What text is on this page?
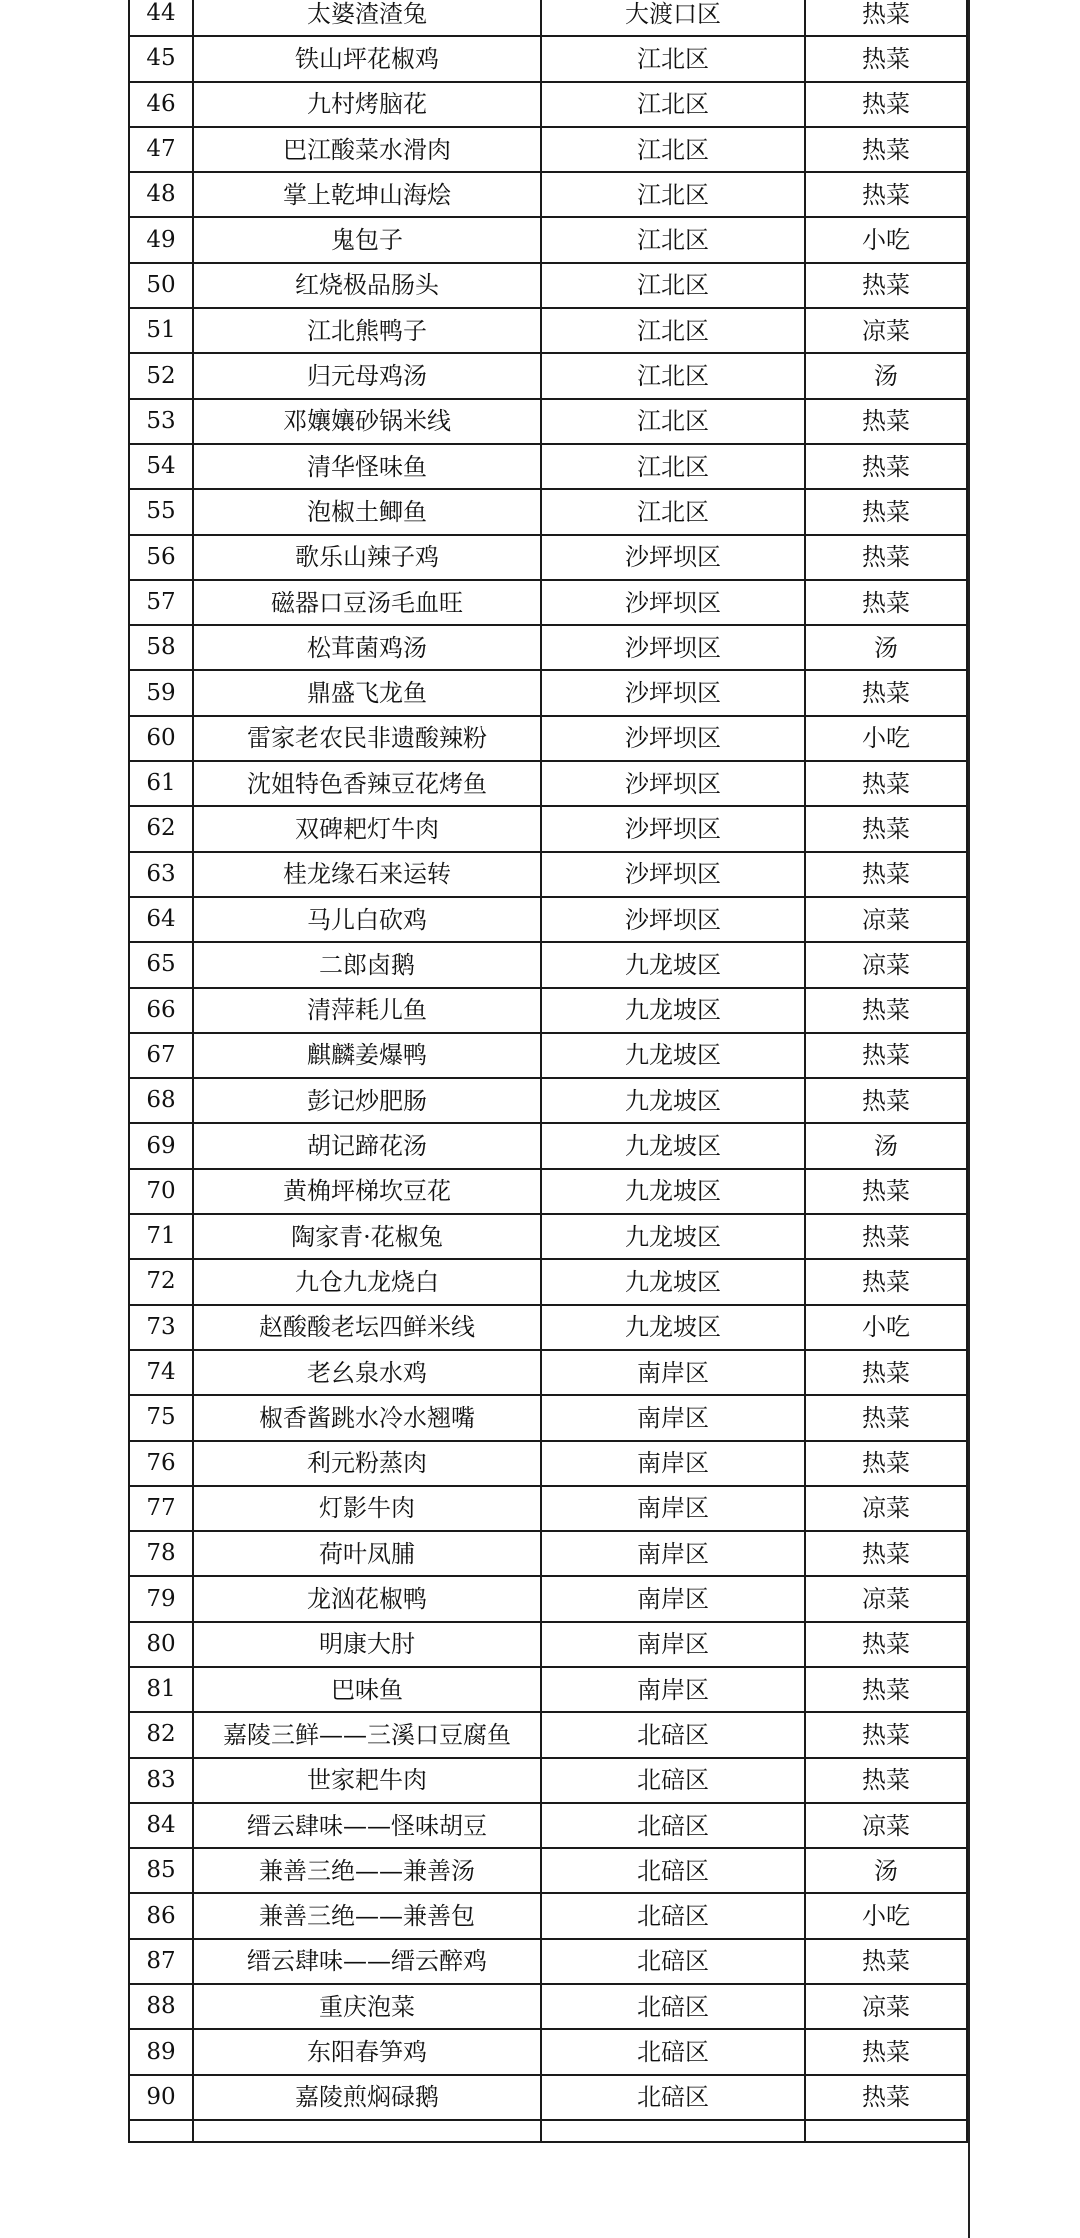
44	太婆渣渣兔	大渡口区	热菜
45	铁山坪花椒鸡	江北区	热菜
46	九村烤脑花	江北区	热菜
47	巴江酸菜水滑肉	江北区	热菜
48	掌上乾坤山海烩	江北区	热菜
49	鬼包子	江北区	小吃
50	红烧极品肠头	江北区	热菜
51	江北熊鸭子	江北区	凉菜
52	归元母鸡汤	江北区	汤
53	邓孃孃砂锅米线	江北区	热菜
54	清华怪味鱼	江北区	热菜
55	泡椒土鲫鱼	江北区	热菜
56	歌乐山辣子鸡	沙坪坝区	热菜
57	磁器口豆汤毛血旺	沙坪坝区	热菜
58	松茸菌鸡汤	沙坪坝区	汤
59	鼎盛飞龙鱼	沙坪坝区	热菜
60	雷家老农民非遗酸辣粉	沙坪坝区	小吃
61	沈姐特色香辣豆花烤鱼	沙坪坝区	热菜
62	双碑耙灯牛肉	沙坪坝区	热菜
63	桂龙缘石来运转	沙坪坝区	热菜
64	马儿白砍鸡	沙坪坝区	凉菜
65	二郎卤鹅	九龙坡区	凉菜
66	清萍耗儿鱼	九龙坡区	热菜
67	麒麟姜爆鸭	九龙坡区	热菜
68	彭记炒肥肠	九龙坡区	热菜
69	胡记蹄花汤	九龙坡区	汤
70	黄桷坪梯坎豆花	九龙坡区	热菜
71	陶家青·花椒兔	九龙坡区	热菜
72	九仓九龙烧白	九龙坡区	热菜
73	赵酸酸老坛四鲜米线	九龙坡区	小吃
74	老幺泉水鸡	南岸区	热菜
75	椒香酱跳水冷水翘嘴	南岸区	热菜
76	利元粉蒸肉	南岸区	热菜
77	灯影牛肉	南岸区	凉菜
78	荷叶凤脯	南岸区	热菜
79	龙汹花椒鸭	南岸区	凉菜
80	明康大肘	南岸区	热菜
81	巴味鱼	南岸区	热菜
82	嘉陵三鲜——三溪口豆腐鱼	北碚区	热菜
83	世家耙牛肉	北碚区	热菜
84	缙云肆味——怪味胡豆	北碚区	凉菜
85	兼善三绝——兼善汤	北碚区	汤
86	兼善三绝——兼善包	北碚区	小吃
87	缙云肆味——缙云醉鸡	北碚区	热菜
88	重庆泡菜	北碚区	凉菜
89	东阳春笋鸡	北碚区	热菜
90	嘉陵煎焖碌鹅	北碚区	热菜
